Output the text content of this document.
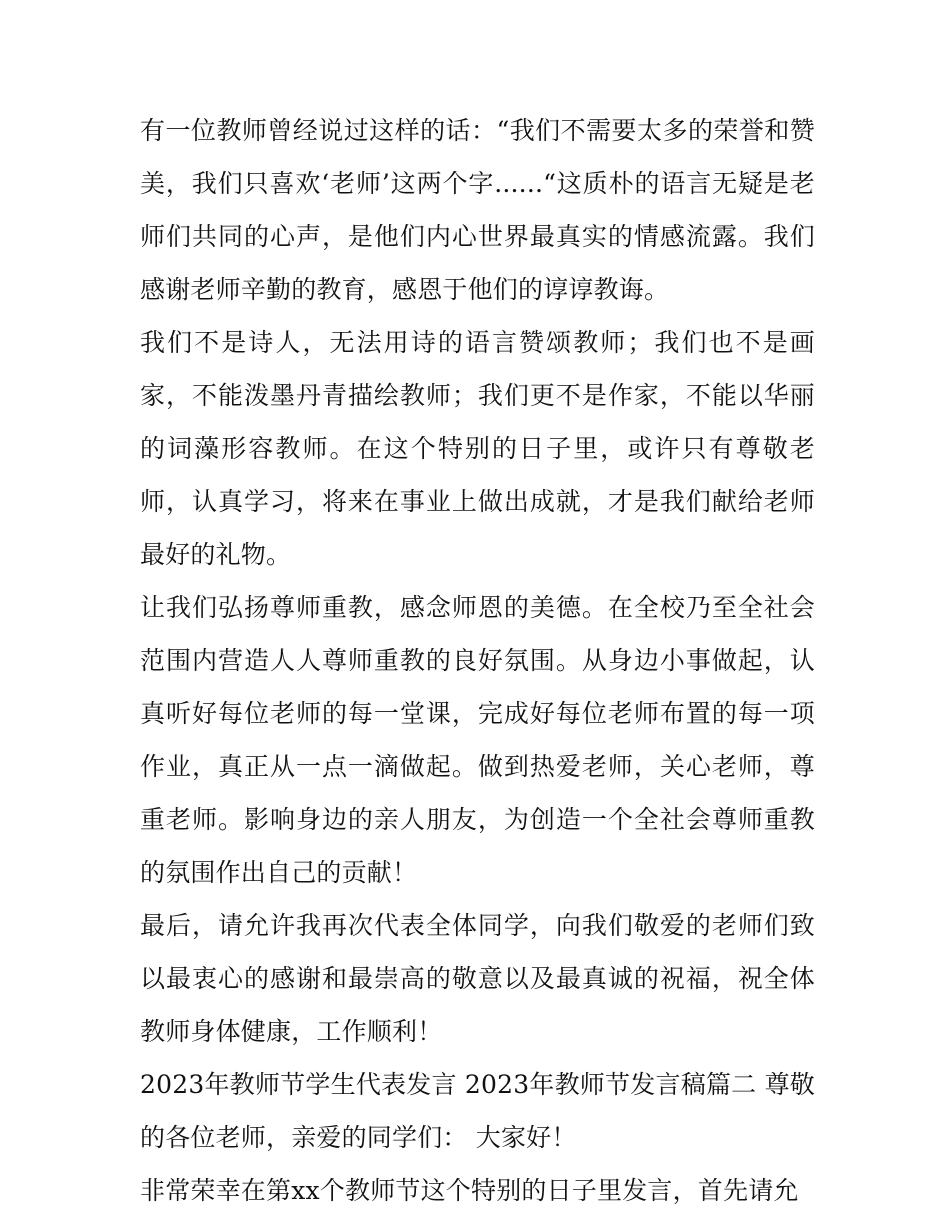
有一位教师曾经说过这样的话：“我们不需要太多的荣誉和赞美，我们只喜欢‘老师’这两个字......“这质朴的语言无疑是老师们共同的心声，是他们内心世界最真实的情感流露。我们感谢老师辛勤的教育，感恩于他们的谆谆教诲。

我们不是诗人，无法用诗的语言赞颂教师；我们也不是画家，不能泼墨丹青描绘教师；我们更不是作家，不能以华丽的词藻形容教师。在这个特别的日子里，或许只有尊敬老师，认真学习，将来在事业上做出成就，才是我们献给老师最好的礼物。

让我们弘扬尊师重教，感念师恩的美德。在全校乃至全社会范围内营造人人尊师重教的良好氛围。从身边小事做起，认真听好每位老师的每一堂课，完成好每位老师布置的每一项作业，真正从一点一滴做起。做到热爱老师，关心老师，尊重老师。影响身边的亲人朋友，为创造一个全社会尊师重教的氛围作出自己的贡献！

最后，请允许我再次代表全体同学，向我们敬爱的老师们致以最衷心的感谢和最崇高的敬意以及最真诚的祝福，祝全体教师身体健康，工作顺利！

2023年教师节学生代表发言 2023年教师节发言稿篇二 尊敬的各位老师，亲爱的同学们： 大家好！

非常荣幸在第xx个教师节这个特别的日子里发言，首先请允
